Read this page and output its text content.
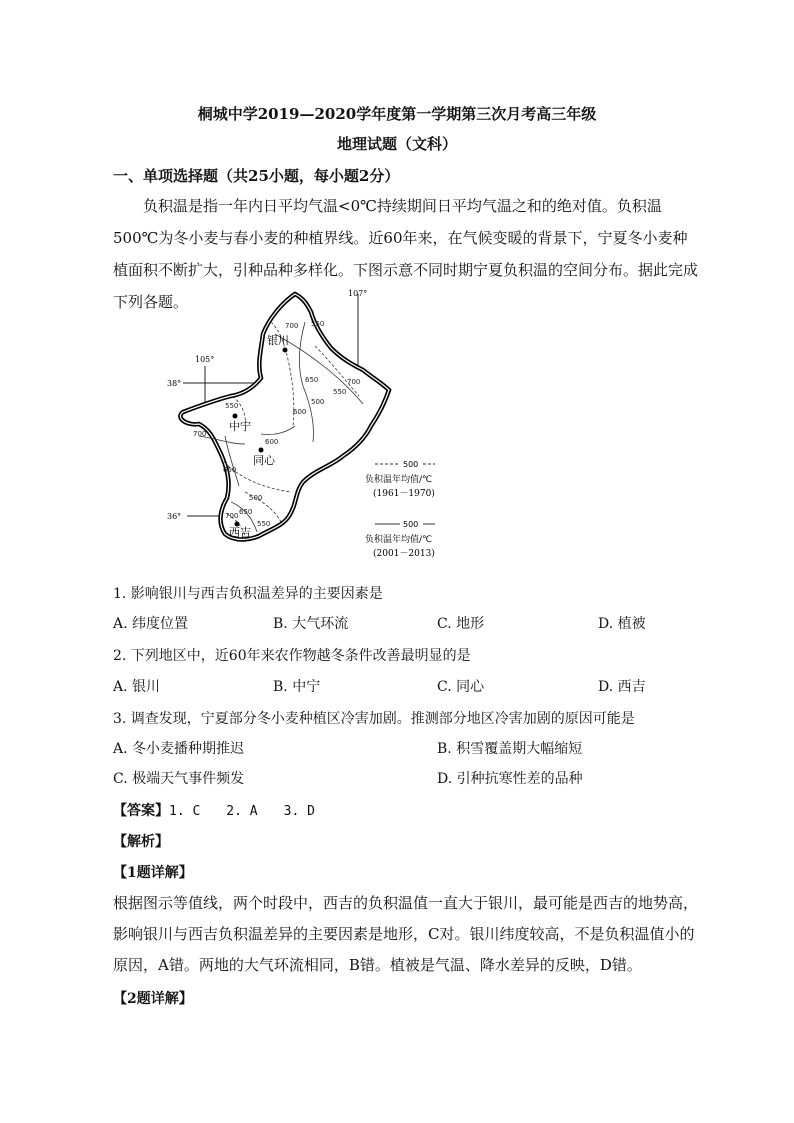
桐城中学2019—2020学年度第一学期第三次月考高三年级
地理试题（文科）
一、单项选择题（共25小题，每小题2分）
负积温是指一年内日平均气温<0℃持续期间日平均气温之和的绝对值。负积温500℃为冬小麦与春小麦的种植界线。近60年来，在气候变暖的背景下，宁夏冬小麦种植面积不断扩大，引种品种多样化。下图示意不同时期宁夏负积温的空间分布。据此完成下列各题。	107°
105°
38°
36°
700 550
650
500
700
550
600
550
700
600
650
500
650
700
550
银川
中宁
同心
西吉
500
负积温年均值/℃
(1961－1970)
500
负积温年均值/℃
(2001－2013)
1. 影响银川与西吉负积温差异的主要因素是
A. 纬度位置	B. 大气环流	C. 地形	D. 植被
2. 下列地区中，近60年来农作物越冬条件改善最明显的是
A. 银川	B. 中宁	C. 同心	D. 西吉
3. 调查发现，宁夏部分冬小麦种植区冷害加剧。推测部分地区冷害加剧的原因可能是
A. 冬小麦播种期推迟	B. 积雪覆盖期大幅缩短
C. 极端天气事件频发	D. 引种抗寒性差的品种
【答案】1. C　　2. A　　3. D
【解析】
【1题详解】
根据图示等值线，两个时段中，西吉的负积温值一直大于银川，最可能是西吉的地势高，影响银川与西吉负积温差异的主要因素是地形，C对。银川纬度较高，不是负积温值小的原因，A错。两地的大气环流相同，B错。植被是气温、降水差异的反映，D错。
【2题详解】
